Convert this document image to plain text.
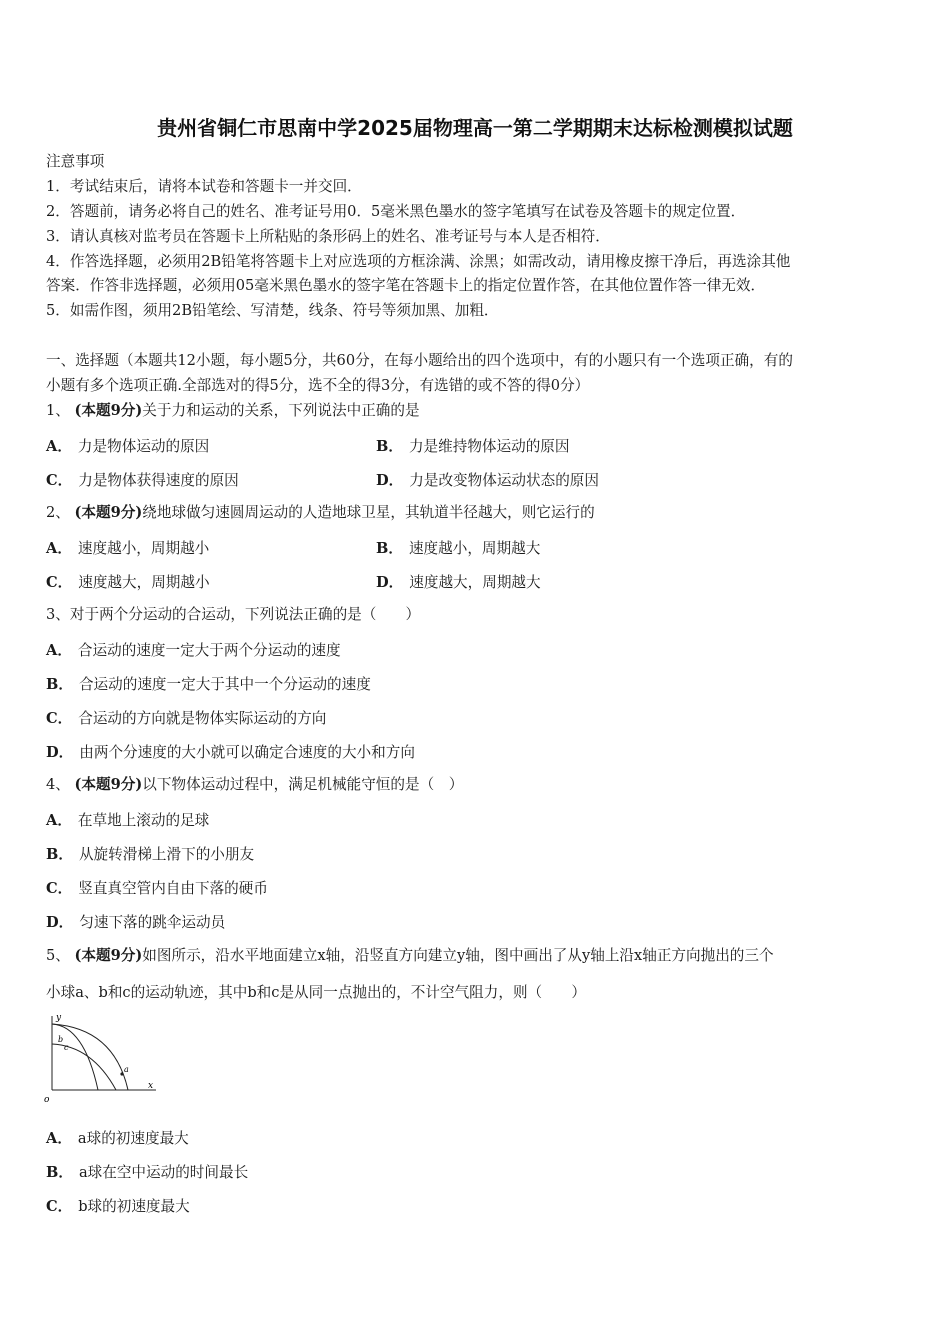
贵州省铜仁市思南中学2025届物理高一第二学期期末达标检测模拟试题
注意事项
1．考试结束后，请将本试卷和答题卡一并交回．
2．答题前，请务必将自己的姓名、准考证号用0．5毫米黑色墨水的签字笔填写在试卷及答题卡的规定位置．
3．请认真核对监考员在答题卡上所粘贴的条形码上的姓名、准考证号与本人是否相符．
4．作答选择题，必须用2B铅笔将答题卡上对应选项的方框涂满、涂黑；如需改动，请用橡皮擦干净后，再选涂其他
答案．作答非选择题，必须用05毫米黑色墨水的签字笔在答题卡上的指定位置作答，在其他位置作答一律无效．
5．如需作图，须用2B铅笔绘、写清楚，线条、符号等须加黑、加粗．
一、选择题（本题共12小题，每小题5分，共60分，在每小题给出的四个选项中，有的小题只有一个选项正确，有的
小题有多个选项正确.全部选对的得5分，选不全的得3分，有选错的或不答的得0分）
1、 (本题9分)关于力和运动的关系，下列说法中正确的是
A． 力是物体运动的原因	B． 力是维持物体运动的原因
C． 力是物体获得速度的原因	D． 力是改变物体运动状态的原因
2、 (本题9分)绕地球做匀速圆周运动的人造地球卫星，其轨道半径越大，则它运行的
A． 速度越小，周期越小	B． 速度越小，周期越大
C． 速度越大，周期越小	D． 速度越大，周期越大
3、对于两个分运动的合运动，下列说法正确的是（　　）
A． 合运动的速度一定大于两个分运动的速度
B． 合运动的速度一定大于其中一个分运动的速度
C． 合运动的方向就是物体实际运动的方向
D． 由两个分速度的大小就可以确定合速度的大小和方向
4、 (本题9分)以下物体运动过程中，满足机械能守恒的是（　）
A． 在草地上滚动的足球
B． 从旋转滑梯上滑下的小朋友
C． 竖直真空管内自由下落的硬币
D． 匀速下落的跳伞运动员
5、 (本题9分)如图所示，沿水平地面建立x轴，沿竖直方向建立y轴，图中画出了从y轴上沿x轴正方向抛出的三个
小球a、b和c的运动轨迹，其中b和c是从同一点抛出的，不计空气阻力，则（　　）
y
x
o
a
b
c
A． a球的初速度最大
B． a球在空中运动的时间最长
C． b球的初速度最大
